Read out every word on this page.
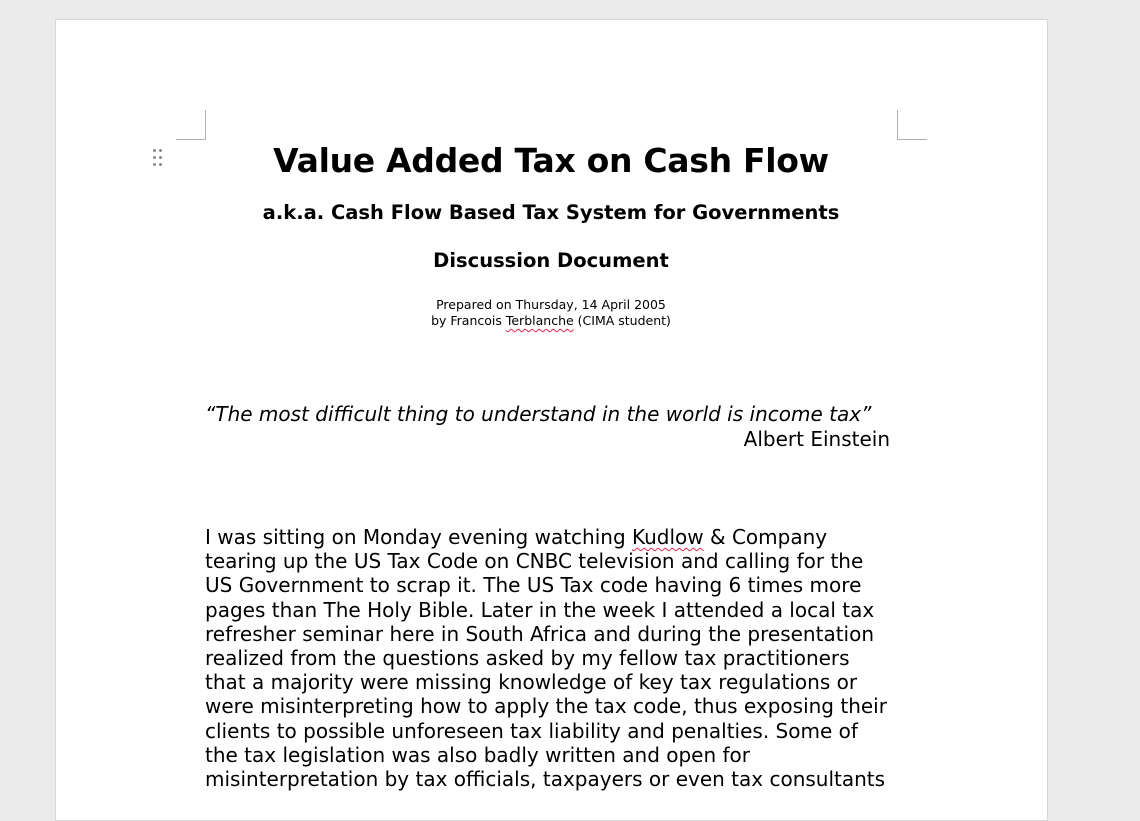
Value Added Tax on Cash Flow
a.k.a. Cash Flow Based Tax System for Governments
Discussion Document
Prepared on Thursday, 14 April 2005
by Francois Terblanche (CIMA student)
“The most difficult thing to understand in the world is income tax”
Albert Einstein
I was sitting on Monday evening watching Kudlow & Company
tearing up the US Tax Code on CNBC television and calling for the
US Government to scrap it. The US Tax code having 6 times more
pages than The Holy Bible. Later in the week I attended a local tax
refresher seminar here in South Africa and during the presentation
realized from the questions asked by my fellow tax practitioners
that a majority were missing knowledge of key tax regulations or
were misinterpreting how to apply the tax code, thus exposing their
clients to possible unforeseen tax liability and penalties. Some of
the tax legislation was also badly written and open for
misinterpretation by tax officials, taxpayers or even tax consultants
